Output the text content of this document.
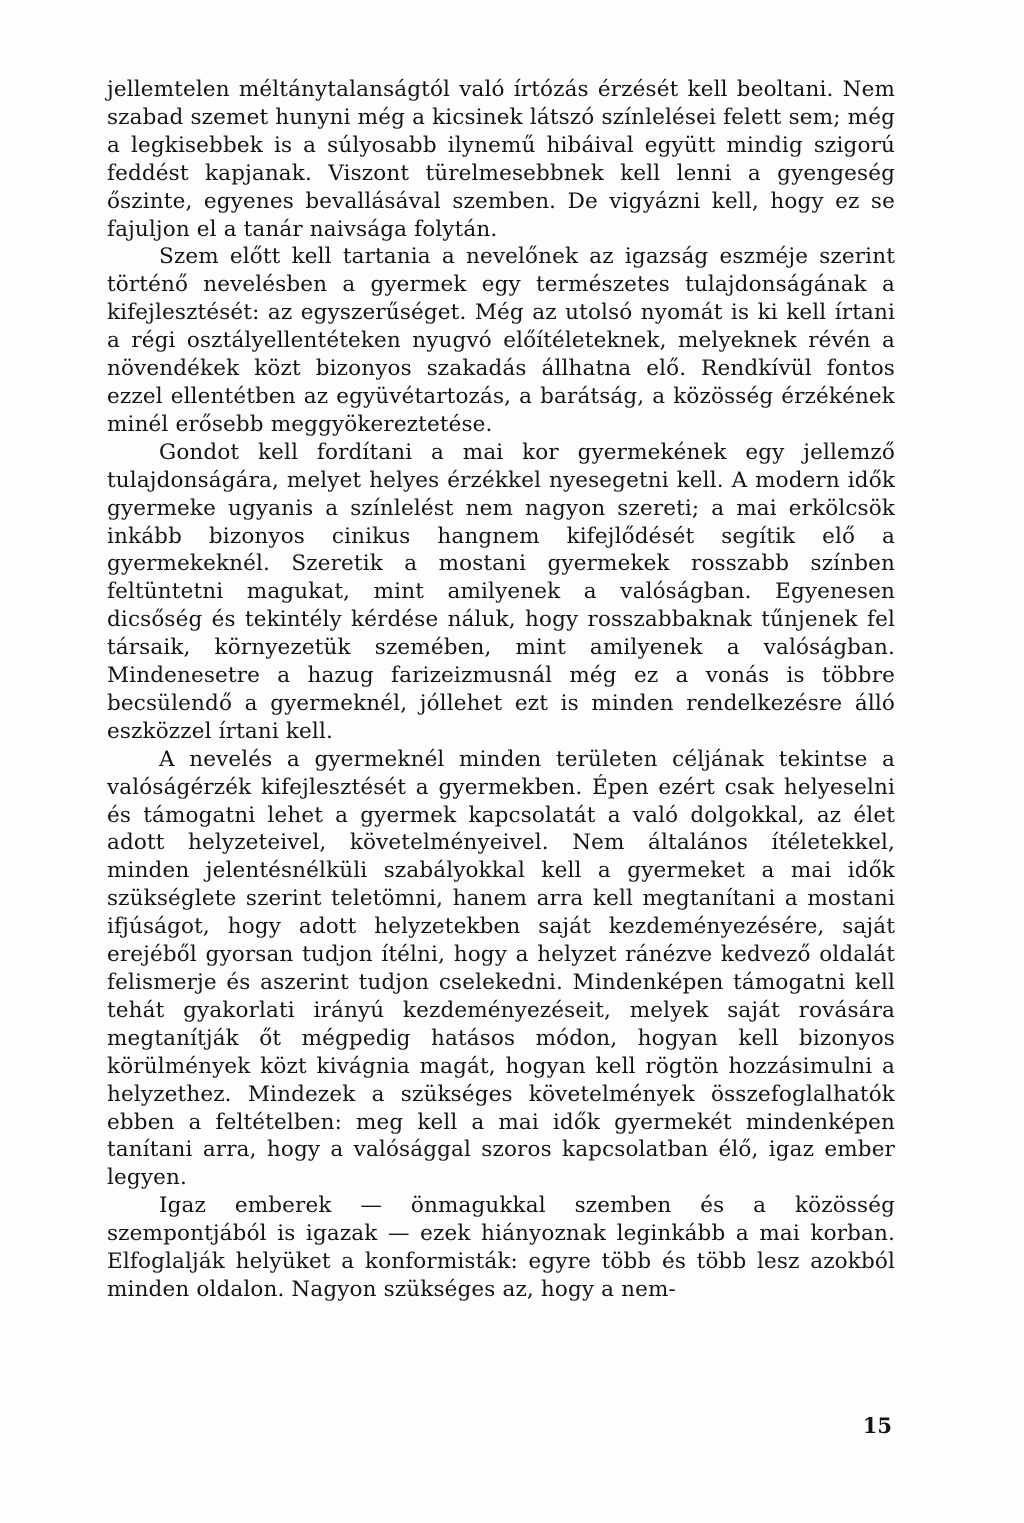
jellemtelen méltánytalanságtól való írtózás érzését kell beoltani. Nem szabad szemet hunyni még a kicsinek látszó színlelései felett sem; még a legkisebbek is a súlyosabb ilynemű hibáival együtt mindig szigorú feddést kapjanak. Viszont türelmesebbnek kell lenni a gyengeség őszinte, egyenes bevallásával szemben. De vigyázni kell, hogy ez se fajuljon el a tanár naivsága folytán.

Szem előtt kell tartania a nevelőnek az igazság eszméje szerint történő nevelésben a gyermek egy természetes tulajdonságának a kifejlesztését: az egyszerűséget. Még az utolsó nyomát is ki kell írtani a régi osztályellentéteken nyugvó előítéleteknek, melyeknek révén a növendékek közt bizonyos szakadás állhatna elő. Rendkívül fontos ezzel ellentétben az együvétartozás, a barátság, a közösség érzékének minél erősebb meggyökereztetése.

Gondot kell fordítani a mai kor gyermekének egy jellemző tulajdonságára, melyet helyes érzékkel nyesegetni kell. A modern idők gyermeke ugyanis a színlelést nem nagyon szereti; a mai erkölcsök inkább bizonyos cinikus hangnem kifejlődését segítik elő a gyermekeknél. Szeretik a mostani gyermekek rosszabb színben feltüntetni magukat, mint amilyenek a valóságban. Egyenesen dicsőség és tekintély kérdése náluk, hogy rosszabbaknak tűnjenek fel társaik, környezetük szemében, mint amilyenek a valóságban. Mindenesetre a hazug farizeizmusnál még ez a vonás is többre becsülendő a gyermeknél, jóllehet ezt is minden rendelkezésre álló eszközzel írtani kell.

A nevelés a gyermeknél minden területen céljának tekintse a valóságérzék kifejlesztését a gyermekben. Épen ezért csak helyeselni és támogatni lehet a gyermek kapcsolatát a való dolgokkal, az élet adott helyzeteivel, követelményeivel. Nem általános ítéletekkel, minden jelentésnélküli szabályokkal kell a gyermeket a mai idők szükséglete szerint teletömni, hanem arra kell megtanítani a mostani ifjúságot, hogy adott helyzetekben saját kezdeményezésére, saját erejéből gyorsan tudjon ítélni, hogy a helyzet ránézve kedvező oldalát felismerje és aszerint tudjon cselekedni. Mindenképen támogatni kell tehát gyakorlati irányú kezdeményezéseit, melyek saját rovására megtanítják őt mégpedig hatásos módon, hogyan kell bizonyos körülmények közt kivágnia magát, hogyan kell rögtön hozzásimulni a helyzethez. Mindezek a szükséges követelmények összefoglalhatók ebben a feltételben: meg kell a mai idők gyermekét mindenképen tanítani arra, hogy a valósággal szoros kapcsolatban élő, igaz ember legyen.

Igaz emberek — önmagukkal szemben és a közösség szempontjából is igazak — ezek hiányoznak leginkább a mai korban. Elfoglalják helyüket a konformisták: egyre több és több lesz azokból minden oldalon. Nagyon szükséges az, hogy a nem-

15
